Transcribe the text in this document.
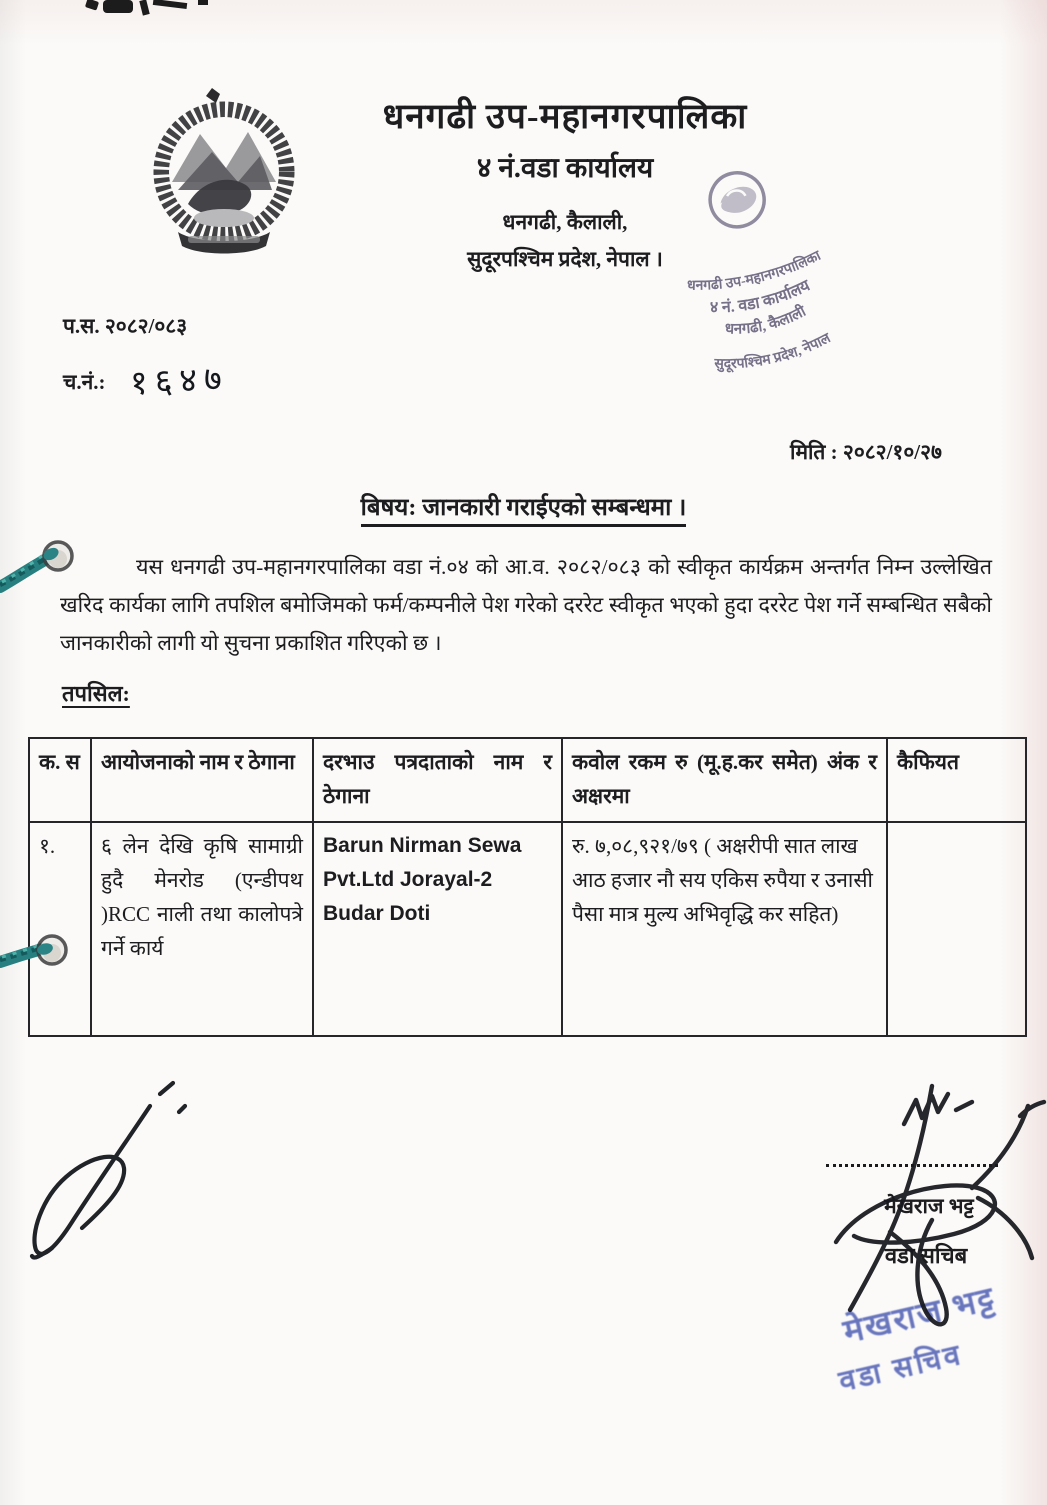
धनगढी उप-महानगरपालिका
४ नं.वडा कार्यालय
धनगढी, कैलाली,
सुदूरपश्चिम प्रदेश, नेपाल ।
धनगढी उप-महानगरपालिका
४ नं. वडा कार्यालय
धनगढी, कैलाली
सुदूरपश्चिम प्रदेश, नेपाल
प.स. २०८२/०८३
च.नं.: १६४७
मिति : २०८२/१०/२७
बिषय: जानकारी गराईएको सम्बन्धमा ।
यस धनगढी उप-महानगरपालिका वडा नं.०४ को आ.व. २०८२/०८३ को स्वीकृत कार्यक्रम अन्तर्गत निम्न उल्लेखित खरिद कार्यका लागि तपशिल बमोजिमको फर्म/कम्पनीले पेश गरेको दररेट स्वीकृत भएको हुदा दररेट पेश गर्ने सम्बन्धित सबैको जानकारीको लागी यो सुचना प्रकाशित गरिएको छ ।
तपसिल:
क. स	आयोजनाको नाम र ठेगाना	दरभाउ पत्रदाताको नाम र ठेगाना	कवोल रकम रु (मू.ह.कर समेत) अंक र अक्षरमा	कैफियत
१.	६ लेन देखि कृषि सामाग्री हुदै मेनरोड (एन्डीपथ )RCC नाली तथा कालोपत्रे गर्ने कार्य	Barun Nirman Sewa Pvt.Ltd Jorayal-2 Budar Doti	रु. ७,०८,९२१/७९ ( अक्षरीपी सात लाख आठ हजार नौ सय एकिस रुपैया र उनासी पैसा मात्र मुल्य अभिवृद्धि कर सहित)	
मेखराज भट्ट
वडा सचिब
मेखराज भट्ट
वडा सचिव
